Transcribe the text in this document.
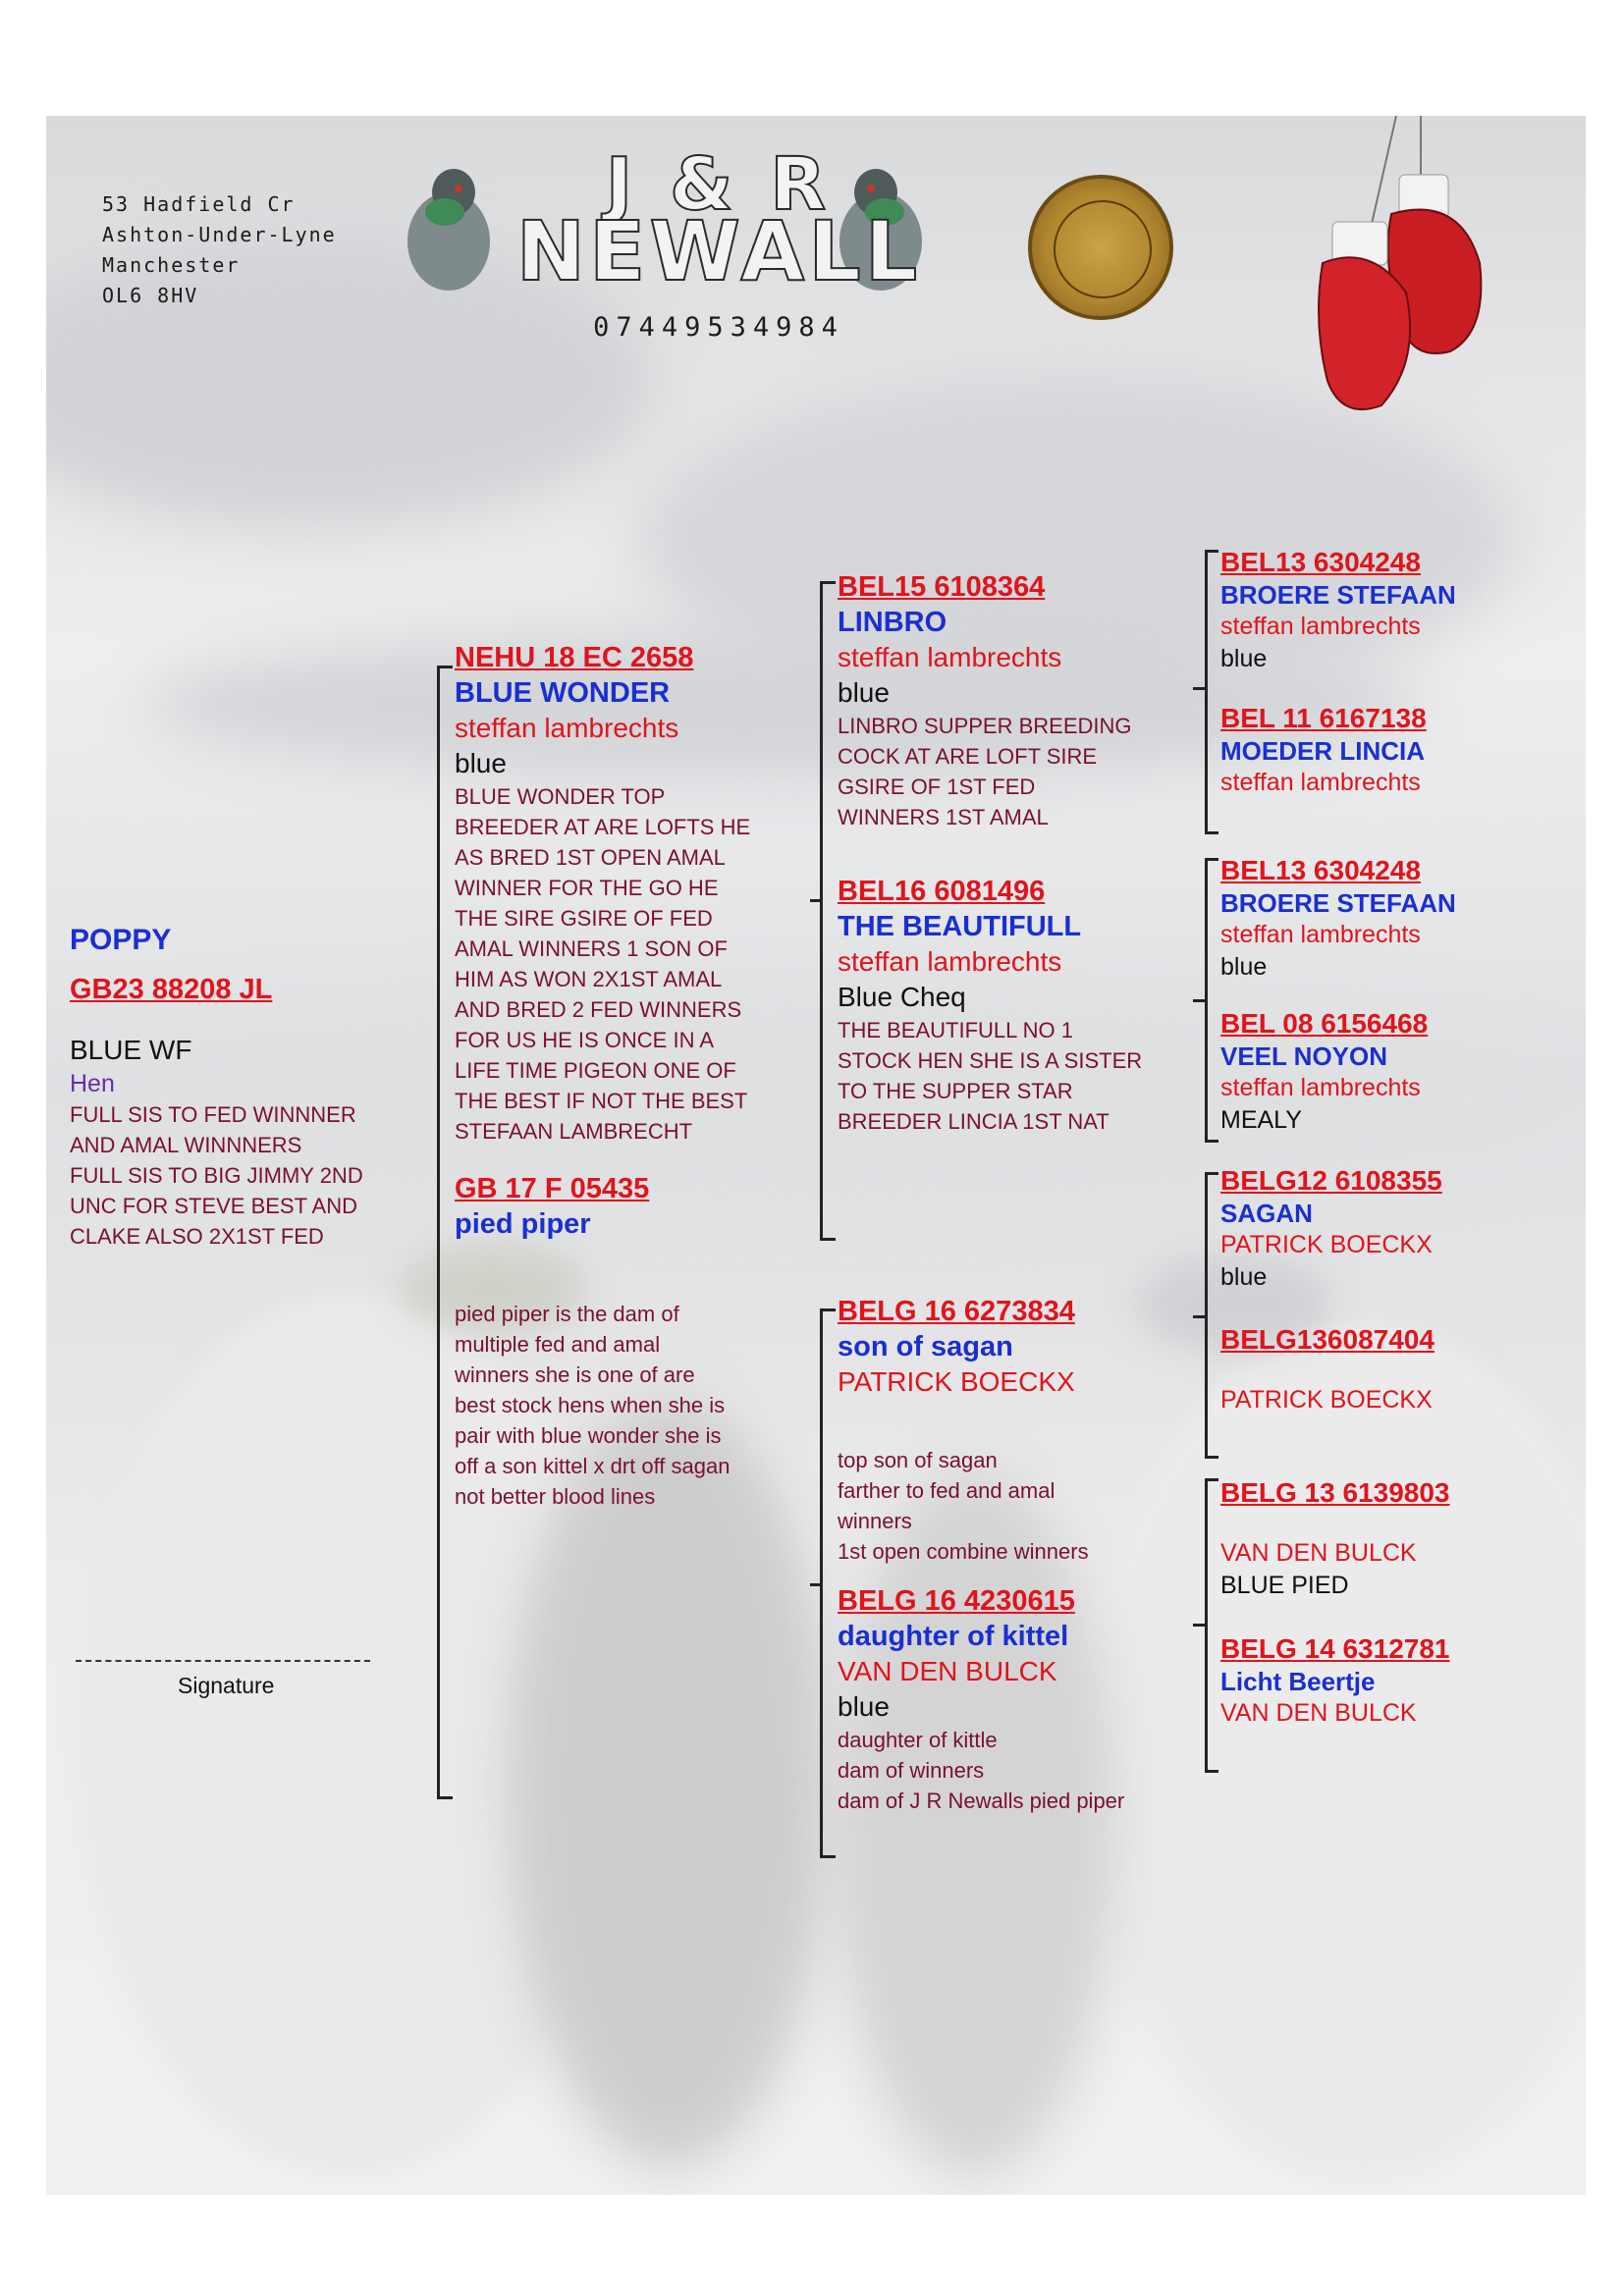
53 Hadfield Cr
Ashton-Under-Lyne
Manchester
OL6 8HV
J & R
NEWALL
07449534984
POPPY
GB23 88208 JL
BLUE WF
Hen
FULL SIS TO FED WINNNER
AND AMAL WINNNERS
FULL SIS TO BIG JIMMY 2ND
UNC FOR STEVE BEST AND
CLAKE ALSO 2X1ST FED
Signature
NEHU 18 EC 2658
BLUE WONDER
steffan lambrechts
blue
BLUE WONDER TOP
BREEDER AT ARE LOFTS HE
AS BRED 1ST OPEN AMAL
WINNER FOR THE GO HE
THE SIRE GSIRE OF FED
AMAL WINNERS 1 SON OF
HIM AS WON 2X1ST AMAL
AND BRED 2 FED WINNERS
FOR US HE IS ONCE IN A
LIFE TIME PIGEON ONE OF
THE BEST IF NOT THE BEST
STEFAAN LAMBRECHT
GB 17 F 05435
pied piper
pied piper is the dam of
multiple fed and amal
winners she is one of are
best stock hens when she is
pair with blue wonder she is
off a son kittel x drt off sagan
not better blood lines
BEL15 6108364
LINBRO
steffan lambrechts
blue
LINBRO SUPPER BREEDING
COCK AT ARE LOFT SIRE
GSIRE OF 1ST FED
WINNERS 1ST AMAL
BEL16 6081496
THE BEAUTIFULL
steffan lambrechts
Blue Cheq
THE BEAUTIFULL NO 1
STOCK HEN SHE IS A SISTER
TO THE SUPPER STAR
BREEDER LINCIA 1ST NAT
BELG 16 6273834
son of sagan
PATRICK BOECKX
top son of sagan
farther to fed and amal
winners
1st open combine winners
BELG 16 4230615
daughter of kittel
VAN DEN BULCK
blue
daughter of kittle
dam of winners
dam of J R Newalls pied piper
BEL13 6304248
BROERE STEFAAN
steffan lambrechts
blue
BEL 11 6167138
MOEDER LINCIA
steffan lambrechts
BEL13 6304248
BROERE STEFAAN
steffan lambrechts
blue
BEL 08 6156468
VEEL NOYON
steffan lambrechts
MEALY
BELG12 6108355
SAGAN
PATRICK BOECKX
blue
BELG136087404
PATRICK BOECKX
BELG 13 6139803
VAN DEN BULCK
BLUE PIED
BELG 14 6312781
Licht Beertje
VAN DEN BULCK
